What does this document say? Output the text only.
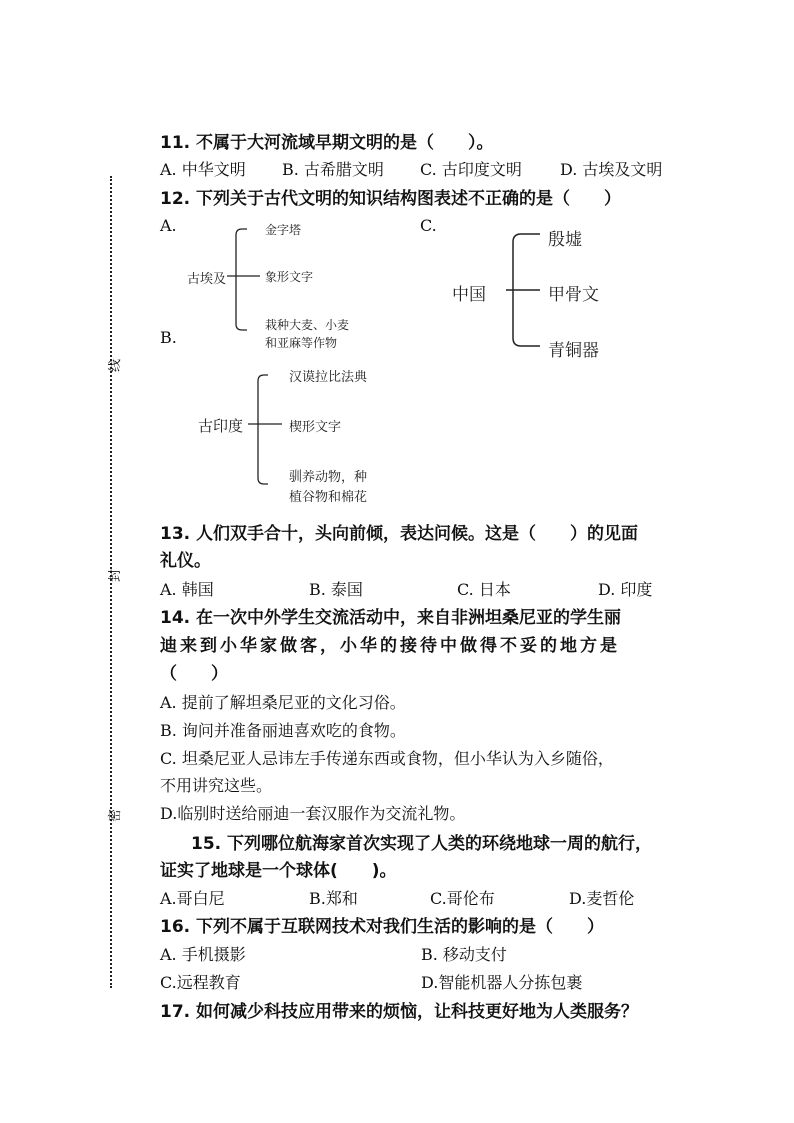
线
封
密
11. 不属于大河流域早期文明的是（　　）。
A. 中华文明 B. 古希腊文明 C. 古印度文明 D. 古埃及文明
12. 下列关于古代文明的知识结构图表述不正确的是（　　）
A.
B.
C.
古埃及
金字塔
象形文字
栽种大麦、小麦
和亚麻等作物
古印度
汉谟拉比法典
楔形文字
驯养动物，种
植谷物和棉花
中国
殷墟
甲骨文
青铜器
13. 人们双手合十，头向前倾，表达问候。这是（　　）的见面
礼仪。
A. 韩国	B. 泰国	C. 日本	D. 印度
14. 在一次中外学生交流活动中，来自非洲坦桑尼亚的学生丽
迪来到小华家做客，小华的接待中做得不妥的地方是
（　　）
A. 提前了解坦桑尼亚的文化习俗。
B. 询问并准备丽迪喜欢吃的食物。
C. 坦桑尼亚人忌讳左手传递东西或食物，但小华认为入乡随俗，
不用讲究这些。
D.临别时送给丽迪一套汉服作为交流礼物。
15. 下列哪位航海家首次实现了人类的环绕地球一周的航行，
证实了地球是一个球体(　　)。
A.哥白尼	B.郑和	C.哥伦布	D.麦哲伦
16. 下列不属于互联网技术对我们生活的影响的是（　　）
A. 手机摄影	B. 移动支付
C.远程教育	D.智能机器人分拣包裹
17. 如何减少科技应用带来的烦恼，让科技更好地为人类服务？
